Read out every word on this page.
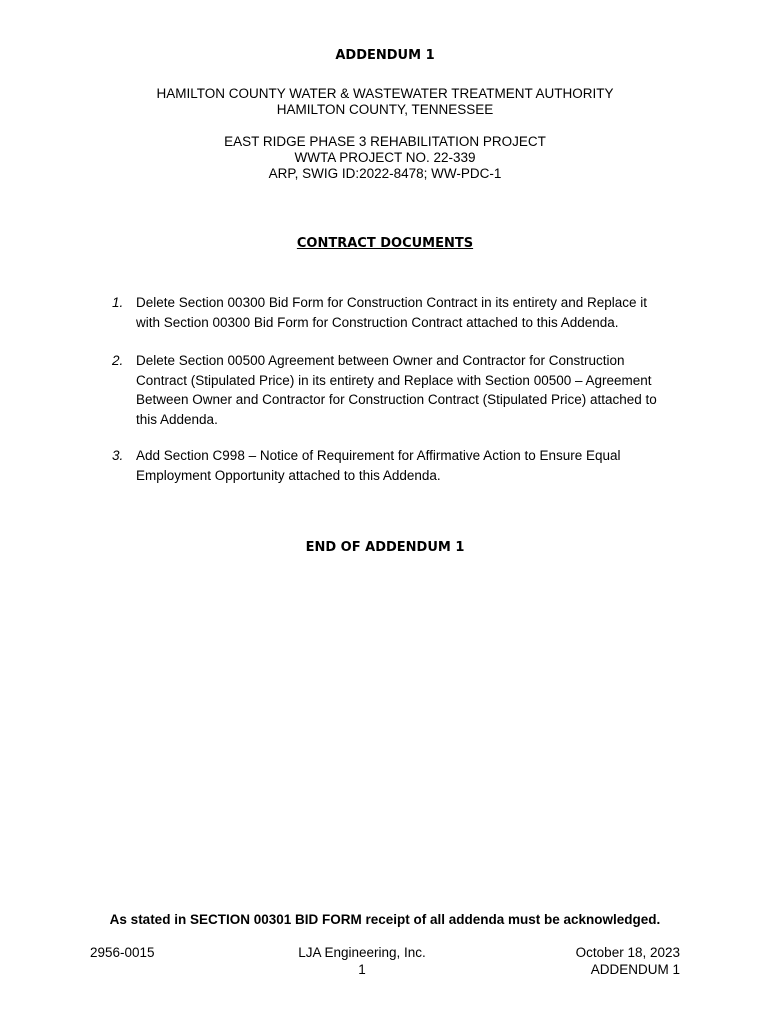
ADDENDUM 1
HAMILTON COUNTY WATER & WASTEWATER TREATMENT AUTHORITY
HAMILTON COUNTY, TENNESSEE
EAST RIDGE PHASE 3 REHABILITATION PROJECT
WWTA PROJECT NO. 22-339
ARP, SWIG ID:2022-8478; WW-PDC-1
CONTRACT DOCUMENTS
1. Delete Section 00300 Bid Form for Construction Contract in its entirety and Replace it
with Section 00300 Bid Form for Construction Contract attached to this Addenda.
2. Delete Section 00500 Agreement between Owner and Contractor for Construction
Contract (Stipulated Price) in its entirety and Replace with Section 00500 – Agreement
Between Owner and Contractor for Construction Contract (Stipulated Price) attached to
this Addenda.
3. Add Section C998 – Notice of Requirement for Affirmative Action to Ensure Equal
Employment Opportunity attached to this Addenda.
END OF ADDENDUM 1
As stated in SECTION 00301 BID FORM receipt of all addenda must be acknowledged.
2956-0015	LJA Engineering, Inc.
1
October 18, 2023
ADDENDUM 1
